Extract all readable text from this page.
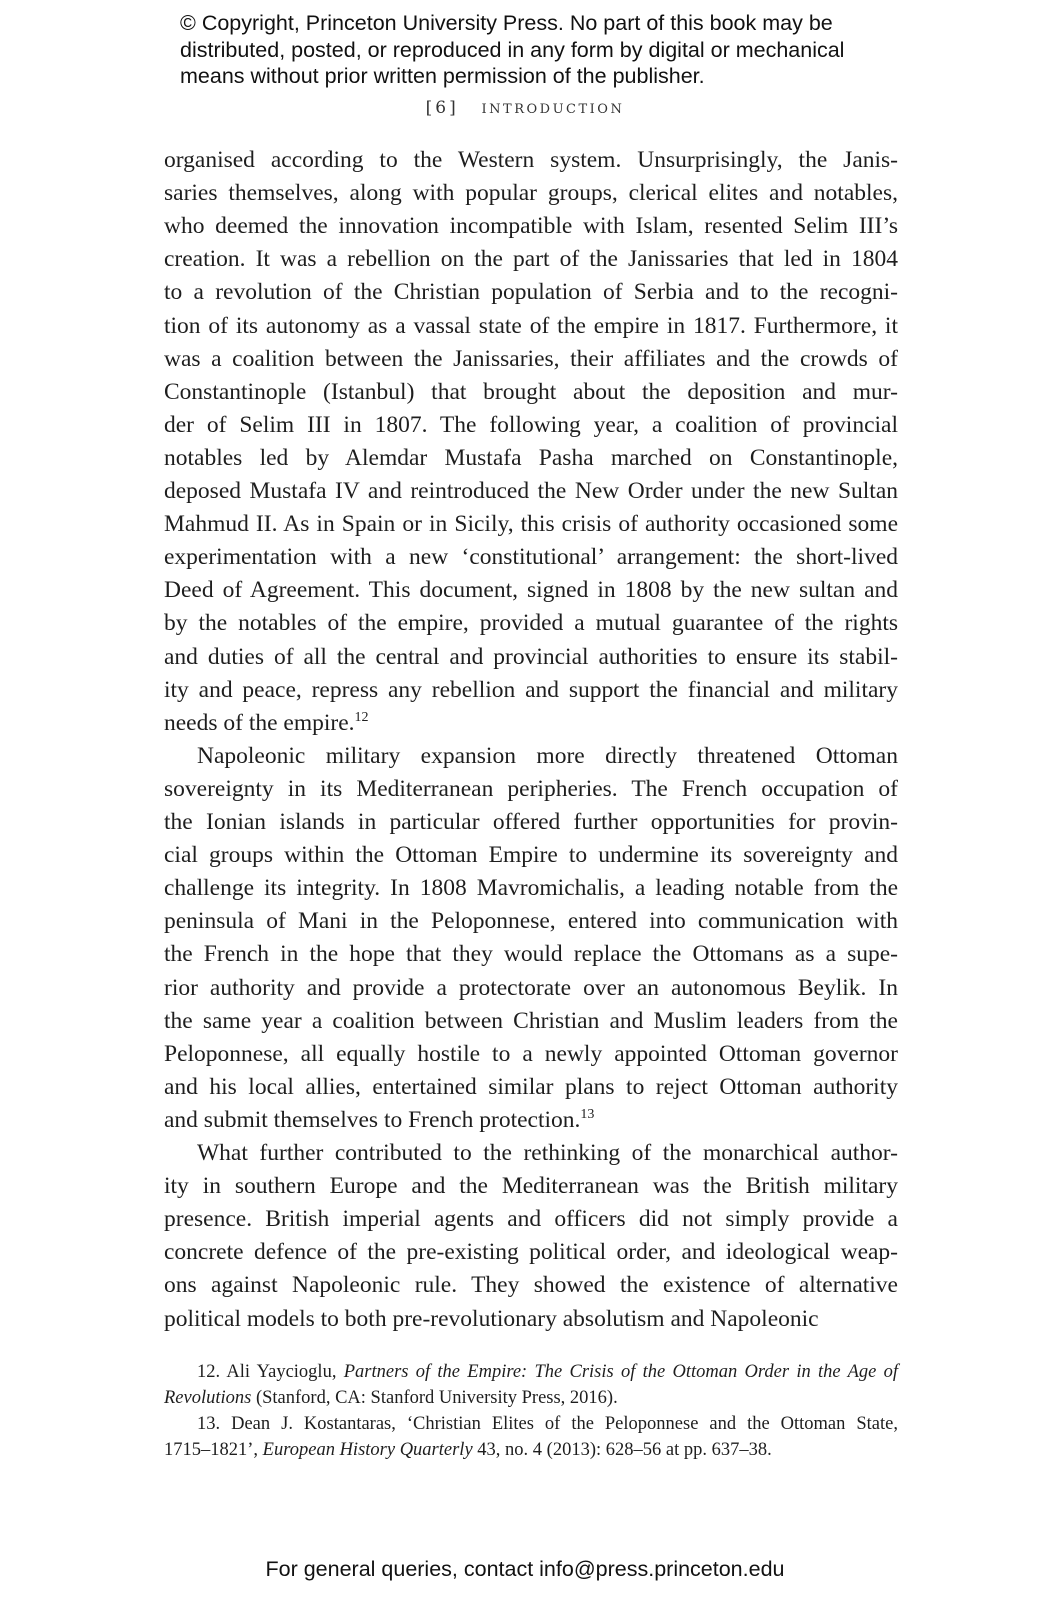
© Copyright, Princeton University Press. No part of this book may be
distributed, posted, or reproduced in any form by digital or mechanical
means without prior written permission of the publisher.
[6] introduction
organised according to the Western system. Unsurprisingly, the Janis-
saries themselves, along with popular groups, clerical elites and notables,
who deemed the innovation incompatible with Islam, resented Selim III’s
creation. It was a rebellion on the part of the Janissaries that led in 1804
to a revolution of the Christian population of Serbia and to the recogni-
tion of its autonomy as a vassal state of the empire in 1817. Furthermore, it
was a coalition between the Janissaries, their affiliates and the crowds of
Constantinople (Istanbul) that brought about the deposition and mur-
der of Selim III in 1807. The following year, a coalition of provincial
notables led by Alemdar Mustafa Pasha marched on Constantinople,
deposed Mustafa IV and reintroduced the New Order under the new Sultan
Mahmud II. As in Spain or in Sicily, this crisis of authority occasioned some
experimentation with a new ‘constitutional’ arrangement: the short-lived
Deed of Agreement. This document, signed in 1808 by the new sultan and
by the notables of the empire, provided a mutual guarantee of the rights
and duties of all the central and provincial authorities to ensure its stabil-
ity and peace, repress any rebellion and support the financial and military
needs of the empire.$^{12}$
Napoleonic military expansion more directly threatened Ottoman
sovereignty in its Mediterranean peripheries. The French occupation of
the Ionian islands in particular offered further opportunities for provin-
cial groups within the Ottoman Empire to undermine its sovereignty and
challenge its integrity. In 1808 Mavromichalis, a leading notable from the
peninsula of Mani in the Peloponnese, entered into communication with
the French in the hope that they would replace the Ottomans as a supe-
rior authority and provide a protectorate over an autonomous Beylik. In
the same year a coalition between Christian and Muslim leaders from the
Peloponnese, all equally hostile to a newly appointed Ottoman governor
and his local allies, entertained similar plans to reject Ottoman authority
and submit themselves to French protection.$^{13}$
What further contributed to the rethinking of the monarchical author-
ity in southern Europe and the Mediterranean was the British military
presence. British imperial agents and officers did not simply provide a
concrete defence of the pre-existing political order, and ideological weap-
ons against Napoleonic rule. They showed the existence of alternative
political models to both pre-revolutionary absolutism and Napoleonic
12. Ali Yaycioglu, Partners of the Empire: The Crisis of the Ottoman Order in the Age of
Revolutions (Stanford, CA: Stanford University Press, 2016).
13. Dean J. Kostantaras, ‘Christian Elites of the Peloponnese and the Ottoman State,
1715–1821’, European History Quarterly 43, no. 4 (2013): 628–56 at pp. 637–38.
For general queries, contact info@press.princeton.edu
